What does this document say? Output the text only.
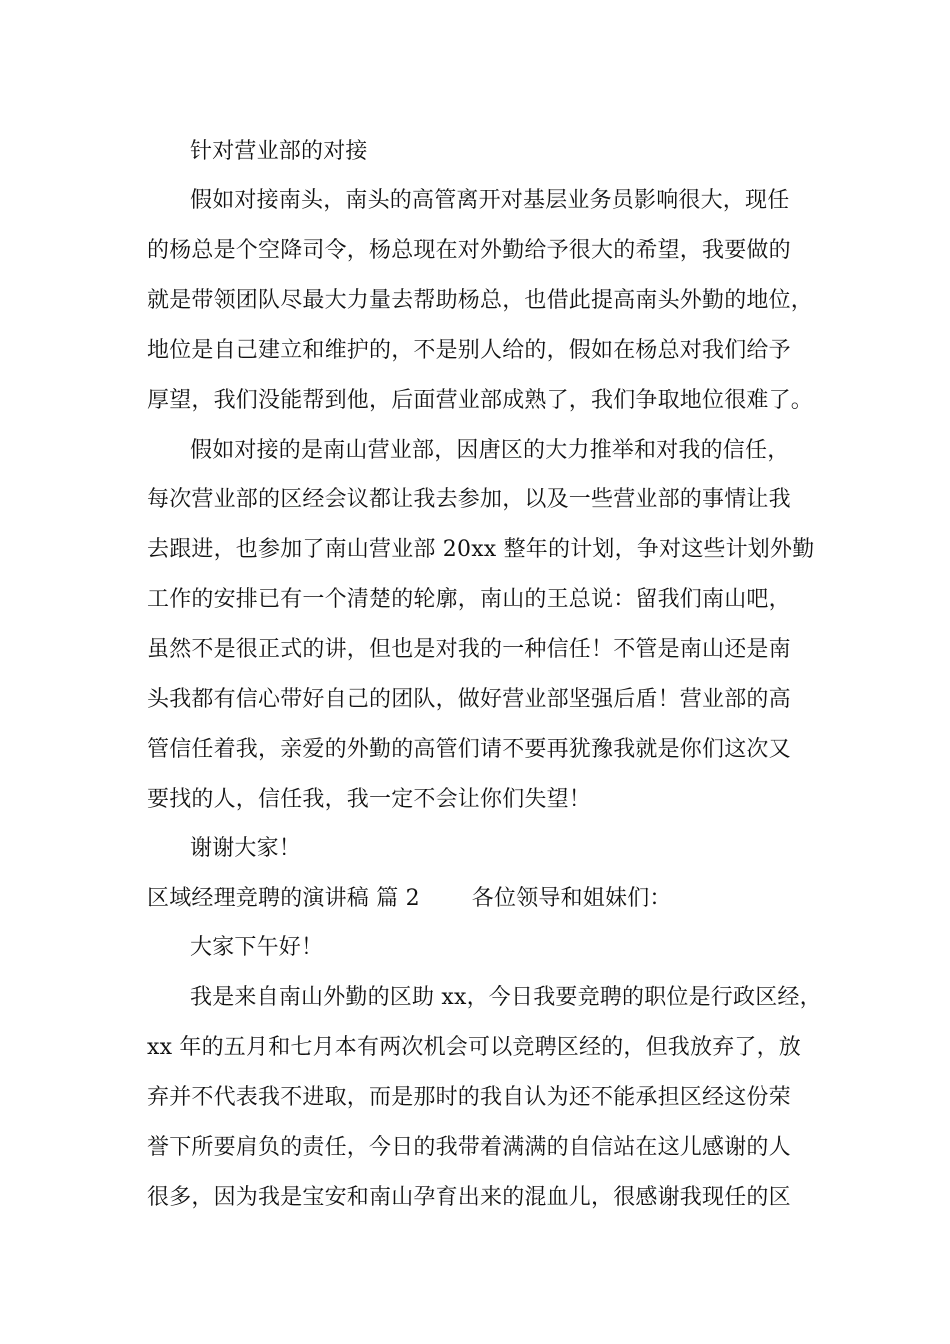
针对营业部的对接
假如对接南头，南头的高管离开对基层业务员影响很大，现任
的杨总是个空降司令，杨总现在对外勤给予很大的希望，我要做的
就是带领团队尽最大力量去帮助杨总，也借此提高南头外勤的地位，
地位是自己建立和维护的，不是别人给的，假如在杨总对我们给予
厚望，我们没能帮到他，后面营业部成熟了，我们争取地位很难了。
假如对接的是南山营业部，因唐区的大力推举和对我的信任，
每次营业部的区经会议都让我去参加，以及一些营业部的事情让我
去跟进，也参加了南山营业部 20xx 整年的计划，争对这些计划外勤
工作的安排已有一个清楚的轮廓，南山的王总说：留我们南山吧，
虽然不是很正式的讲，但也是对我的一种信任！不管是南山还是南
头我都有信心带好自己的团队，做好营业部坚强后盾！营业部的高
管信任着我，亲爱的外勤的高管们请不要再犹豫我就是你们这次又
要找的人，信任我，我一定不会让你们失望！
谢谢大家！
区域经理竞聘的演讲稿 篇 2 各位领导和姐妹们：
大家下午好！
我是来自南山外勤的区助 xx，今日我要竞聘的职位是行政区经，
xx 年的五月和七月本有两次机会可以竞聘区经的，但我放弃了，放
弃并不代表我不进取，而是那时的我自认为还不能承担区经这份荣
誉下所要肩负的责任，今日的我带着满满的自信站在这儿感谢的人
很多，因为我是宝安和南山孕育出来的混血儿，很感谢我现任的区
